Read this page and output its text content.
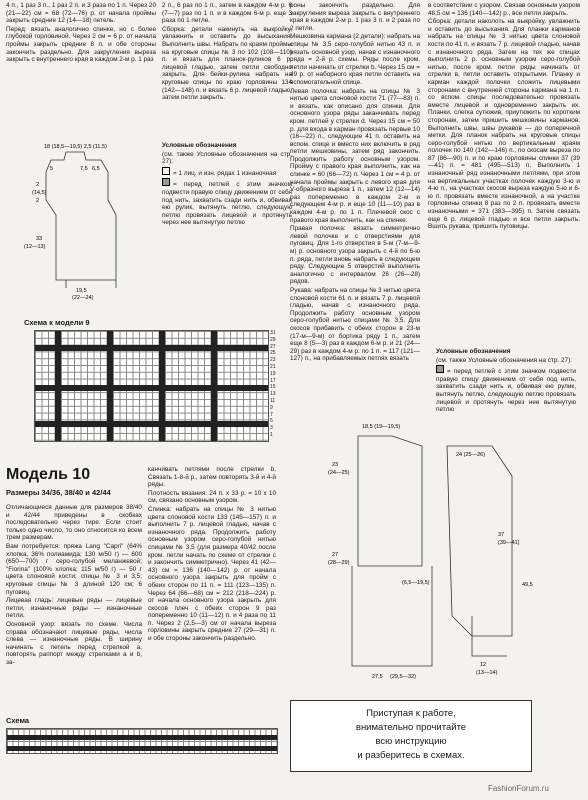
4 п., 1 раз 3 п., 1 раз 2 п. и 3 раза по 1 п. Через 20 (21—22) см = 68 (72—76) р. от начала проймы закрыть средние 12 (14—18) петель.

Перед: вязать аналогично спинке, но с более глубокой горловиной. Через 2 см = 6 р. от начала проймы закрыть средние 8 п. и обе стороны закончить раздельно. Для закругления выреза закрыть с внутреннего края в каждом 2-м р. 1 раз

18 (18,5—19,5) 2,5 (11,5)
7,5 6,5
5
2
(14,5)
2
33
(12—13)
19,5
(22—24)

2 п., 6 раз по 1 п., затем в каждом 4-м р. 6 (7—7) раз по 1 п. и в каждом 6-м р. еще 3 раза по 1 петле.

Сборка: детали накинуть на выкройку, увлажнить и оставить до высыхания. Выполнить швы. Набрать по краям проймы на круговые спицы № 3 по 102 (108—110) п. и вязать для планок-руликов 6 р. лицевой гладью, затем петли свободно закрыть. Для бейки-рулика набрать на круговые спицы по краю горловины 134 (142—148) п. и вязать 6 р. лицевой гладью, затем петли закрыть.

Условные обозначения

(см. также Условные обозначения на стр. 27):

= 1 лиц. и изн. рядах 1 изнаночная

= перед петлей с этим значком подвести правую спицу движением от себя под нить, захватить сзади нить и, обвивая ею рулик, вытянуть петлю, следующую петлю провязать лицевой и протянуть через нее вытянутую петлю

Схема к модели 9
31
29
27
25
23
21
19
17
15
13
11
9
7
5
3
1
Модель 10
Размеры 34/36, 38/40 и 42/44

Отличающиеся данные для размеров 38/40 и 42/44 приведены в скобках последовательно через тире. Если стоит только одно число, то оно относится ко всем трем размерам.

Вам потребуется: пряжа Lang "Capri" (64% хлопка, 36% полиамида; 130 м/50 г) — 600 (650—700) г серо-голубой меланжевой; "Fiorina" (100% хлопка; 115 м/50 г) — 50 г цвета слоновой кости; спицы № 3 и 3,5; круговые спицы № 3 длиной 120 см; 6 пуговиц.

Лицевая гладь: лицевые ряды — лицевые петли, изнаночные ряды — изнаночные петли.

Основной узор: вязать по схеме. Числа справа обозначают лицевые ряды, числа слева — изнаночные ряды. В ширину начинать с петель перед стрелкой а, повторять раппорт между стрелками а и b, за-

канчивать петлями после стрелки b. Связать 1-8-й р., затем повторять 3-й и 4-й ряды.

Плотность вязания: 24 п. x 33 р. = 10 x 10 см, связано основным узором.

Спинка: набрать на спицы № 3 нитью цвета слоновой кости 133 (145—157) п. и выполнить 7 р. лицевой гладью, начав с изнаночного ряда. Продолжить работу основным узором серо-голубой нитью спицами № 3,5 (для размера 40/42 после кром. петли начать по схеме от стрелки с и закончить симметрично). Через 41 (42—43) см = 136 (140—142) р. от начала основного узора закрыть для пройм с обеих сторон по 11 п. = 111 (123—135) п. Через 64 (66—68) см = 212 (218—224) р. от начала основного узора закрыть для скосов плеч с обеих сторон 9 раз попеременно 10 (11—12) п. и 4 раза по 11 п. Через 2 (2,5—3) см от начала выреза горловины закрыть средние 27 (29—31) п. и обе стороны закончить раздельно.

роны закончить раздельно. Для закругления выреза закрыть с внутреннего края в каждом 2-м р. 1 раз 3 п. и 2 раза по 2 петли.

Мешковина кармана (2 детали): набрать на спицы № 3,5 серо-голубой нитью 43 п. и вязать основной узор, начав с изнаночного ряда = 2-й р. схемы. Ряды после кром. петли начинать от стрелки b. Через 15 см = 49 р. от наборного края петли оставить на вспомогательной спице.

Левая полочка: набрать на спицы № 3 нитью цвета слоновой кости 71 (77—83) п. и вязать, как описано для спинки. Для основного узора ряды заканчивать перед кром. петлей у стрелки d. Через 15 см = 50 р. для входа в карман провязать первые 10 (16—22) п., следующие 41 п. оставить на вспом. спице и вместо них включить в ряд петли мешковины, затем ряд закончить. Продолжить работу основным узором. Пройму с правого края выполнить, как на спинке = 60 (66—72) п. Через 1 см = 4 р. от начала проймы закрыть с левого края для V-образного выреза 1 п., затем 12 (12—14) раз попеременно в каждом 2-м и следующем 4-м р. и еще 10 (11—10) раз в каждом 4-м р. по 1 п. Плечевой скос с правого края выполнить, как на спинке.

Правая полочка: вязать симметрично левой полочке и с отверстиями для пуговиц. Для 1-го отверстия в 5-м (7-м—9-м) р. основного узора закрыть с 4-й по 6-ю п. ряда, петли вновь набрать в следующем ряду. Следующие 5 отверстий выполнить аналогично с интервалом 26 (26—28) рядов.

Рукава: набрать на спицы № 3 нитью цвета слоновой кости 61 п. и вязать 7 р. лицевой гладью, начав с изнаночного ряда. Продолжить работу основным узором серо-голубой нитью спицами № 3,5. Для скосов прибавить с обеих сторон в 23-м (17-м—9-м) от бортика ряду 1 п., затем еще 8 (5—3) раз в каждом 6-м р. и 21 (24—29) раз в каждом 4-м р. по 1 п. = 117 (121—127) п., на прибавляемых петлях вязать

в соответствии с узором. Связав основным узором 48,5 см = 136 (140—142) р., все петли закрыть.

Сборка: детали наколоть на выкройку, увлажнить и оставить до высыхания. Для планки карманов набрать на спицы № 3 нитью цвета слоновой кости по 41 п. и вязать 7 р. лицевой гладью, начав с изнаночного ряда. Затем на тех же спицах выполнить 2 р. основным узором серо-голубой нитью, после кром. петли ряды начинать от стрелки в, петли оставить открытыми. Планку и карман каждой полочки сложить лицевыми сторонами с внутренней стороны кармана на 1 п. со вспом. спицы последовательно провязать вместе лицевой и одновременно закрыть их. Планки, слегка сутюжив, приутюжить по коротким сторонам, затем пришить мешковины карманов. Выполнить швы, швы рукавов — до поперечной метки. Для планок набрать на круговые спицы серо-голубой нитью по вертикальным краям полочек по 140 (142—146) п., по скосам выреза по 87 (86—90) п. и по краю горловины спинки 37 (39—41) п. = 481 (495—513) п. Выполнить 1 изнаночный ряд изнаночными петлями, при этом на вертикальных участках полочек каждую 3-ю и 4-ю п., на участках скосов выреза каждую 5-ю и 6-ю п. провязать вместе изнаночной, а на участке горловины спинки 8 раз по 2 п. провязать вместе изнаночными = 371 (383—395) п. Затем связать еще 6 р. лицевой гладью и все петли закрыть. Вшить рукава, пришить пуговицы.

Условные обозначения

(см. также Условные обозначения на стр. 27):

= перед петлей с этим значком подвести правую спицу движением от себя под нить, захватить сзади нить и, обвивая ею рулик, вытянуть петлю, следующую петлю провязать лицевой и протянуть через нее вытянутую петлю

18,5 (19—19,5)
23
(24—25)
27
(28—29)
(6,5—19,5)
27,5 (29,5—32)
24 (25—26)
37
(39—41)
49,5
12
(13—14)
Схема
Приступая к работе,
внимательно прочитайте
всю инструкцию
и разберитесь в схемах.
FashionForum.ru
